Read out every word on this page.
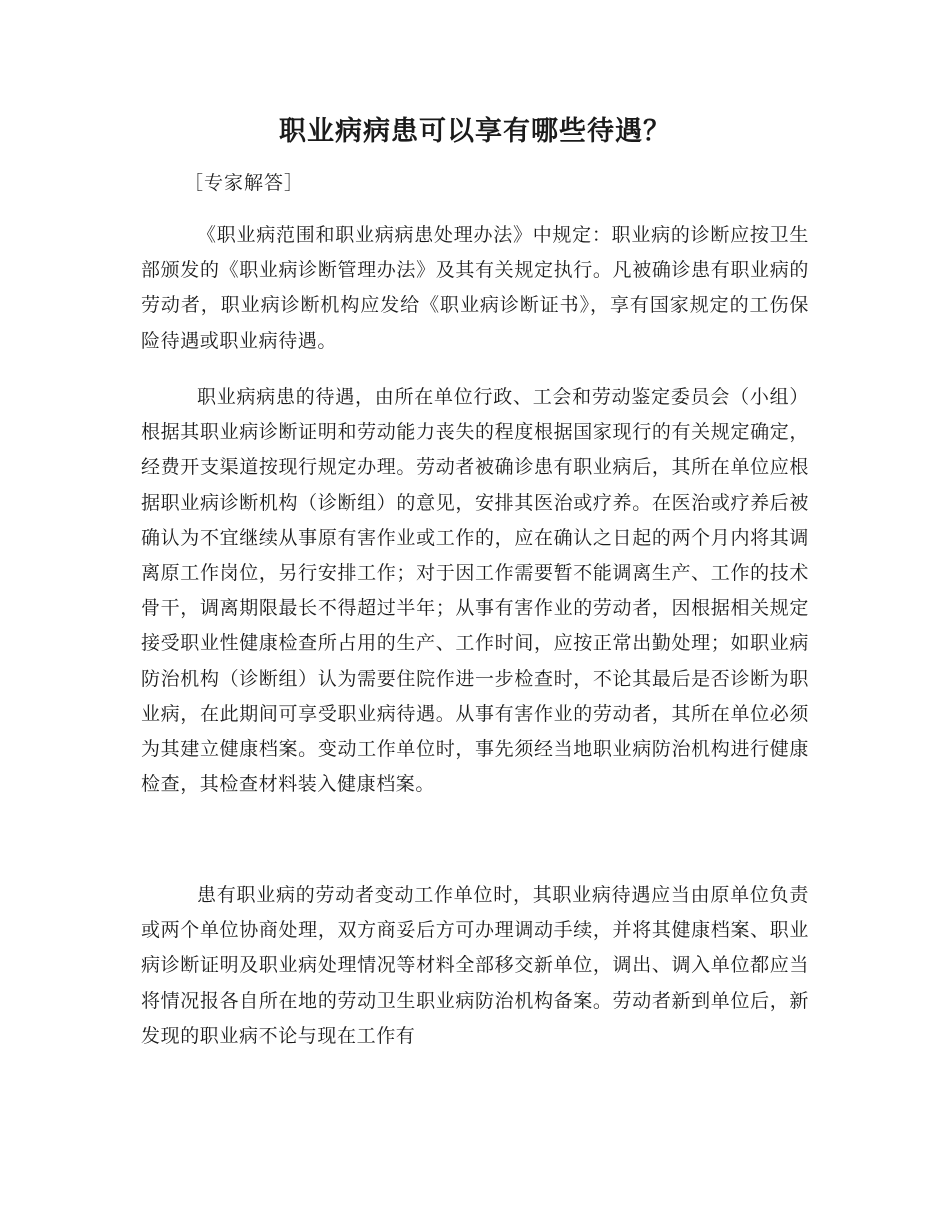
职业病病患可以享有哪些待遇？

［专家解答］

《职业病范围和职业病病患处理办法》中规定：职业病的诊断应按卫生部颁发的《职业病诊断管理办法》及其有关规定执行。凡被确诊患有职业病的劳动者，职业病诊断机构应发给《职业病诊断证书》，享有国家规定的工伤保险待遇或职业病待遇。

职业病病患的待遇，由所在单位行政、工会和劳动鉴定委员会（小组）根据其职业病诊断证明和劳动能力丧失的程度根据国家现行的有关规定确定，经费开支渠道按现行规定办理。劳动者被确诊患有职业病后，其所在单位应根据职业病诊断机构（诊断组）的意见，安排其医治或疗养。在医治或疗养后被确认为不宜继续从事原有害作业或工作的，应在确认之日起的两个月内将其调离原工作岗位，另行安排工作；对于因工作需要暂不能调离生产、工作的技术骨干，调离期限最长不得超过半年；从事有害作业的劳动者，因根据相关规定接受职业性健康检查所占用的生产、工作时间，应按正常出勤处理；如职业病防治机构（诊断组）认为需要住院作进一步检查时，不论其最后是否诊断为职业病，在此期间可享受职业病待遇。从事有害作业的劳动者，其所在单位必须为其建立健康档案。变动工作单位时，事先须经当地职业病防治机构进行健康检查，其检查材料装入健康档案。

患有职业病的劳动者变动工作单位时，其职业病待遇应当由原单位负责或两个单位协商处理，双方商妥后方可办理调动手续，并将其健康档案、职业病诊断证明及职业病处理情况等材料全部移交新单位，调出、调入单位都应当将情况报各自所在地的劳动卫生职业病防治机构备案。劳动者新到单位后，新发现的职业病不论与现在工作有
